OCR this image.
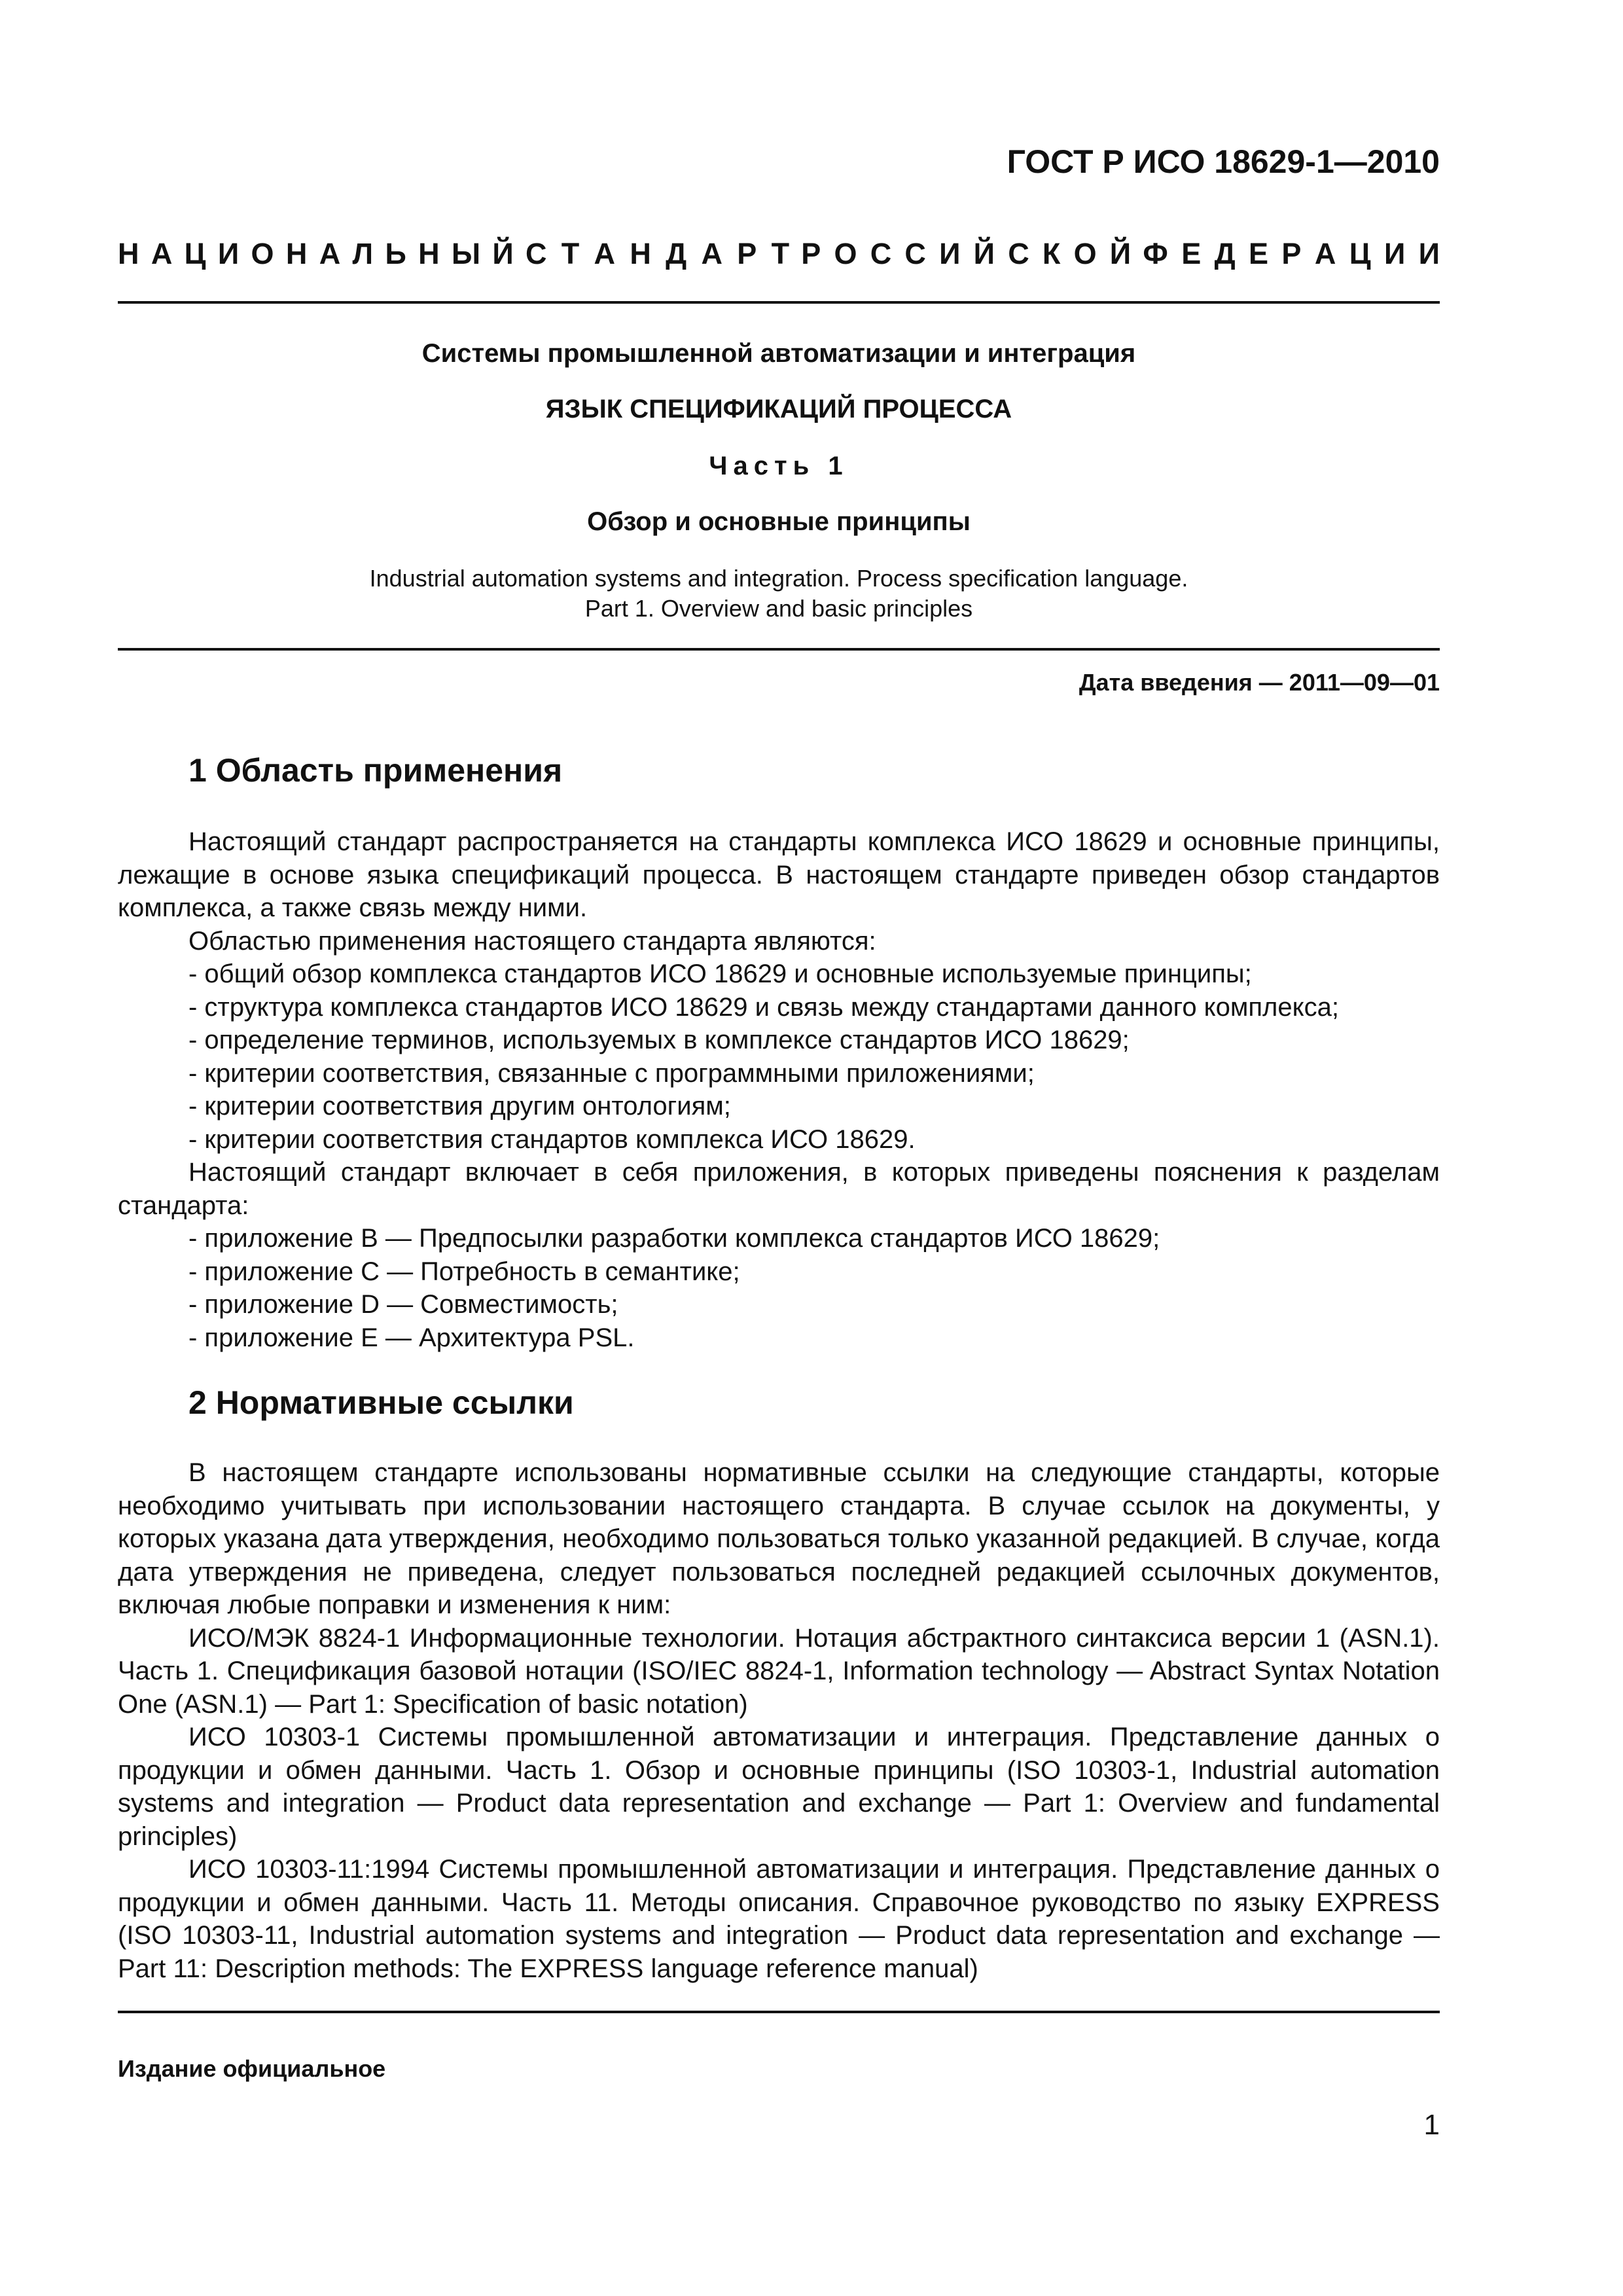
ГОСТ Р ИСО 18629-1—2010
Н А Ц И О Н А Л Ь Н Ы Й С Т А Н Д А Р Т Р О С С И Й С К О Й Ф Е Д Е Р А Ц И И
Системы промышленной автоматизации и интеграция
ЯЗЫК СПЕЦИФИКАЦИЙ ПРОЦЕССА
Часть 1
Обзор и основные принципы
Industrial automation systems and integration. Process specification language.
Part 1. Overview and basic principles
Дата введения — 2011—09—01
1 Область применения

Настоящий стандарт распространяется на стандарты комплекса ИСО 18629 и основные принципы, лежащие в основе языка спецификаций процесса. В настоящем стандарте приведен обзор стандартов комплекса, а также связь между ними.

Областью применения настоящего стандарта являются:

- общий обзор комплекса стандартов ИСО 18629 и основные используемые принципы;

- структура комплекса стандартов ИСО 18629 и связь между стандартами данного комплекса;

- определение терминов, используемых в комплексе стандартов ИСО 18629;

- критерии соответствия, связанные с программными приложениями;

- критерии соответствия другим онтологиям;

- критерии соответствия стандартов комплекса ИСО 18629.

Настоящий стандарт включает в себя приложения, в которых приведены пояснения к разделам стандарта:

- приложение В — Предпосылки разработки комплекса стандартов ИСО 18629;

- приложение С — Потребность в семантике;

- приложение D — Совместимость;

- приложение Е — Архитектура PSL.

2 Нормативные ссылки

В настоящем стандарте использованы нормативные ссылки на следующие стандарты, которые необходимо учитывать при использовании настоящего стандарта. В случае ссылок на документы, у которых указана дата утверждения, необходимо пользоваться только указанной редакцией. В случае, когда дата утверждения не приведена, следует пользоваться последней редакцией ссылочных документов, включая любые поправки и изменения к ним:

ИСО/МЭК 8824-1 Информационные технологии. Нотация абстрактного синтаксиса версии 1 (ASN.1). Часть 1. Спецификация базовой нотации (ISO/IEC 8824-1, Information technology — Abstract Syntax Notation One (ASN.1) — Part 1: Specification of basic notation)

ИСО 10303-1 Системы промышленной автоматизации и интеграция. Представление данных о продукции и обмен данными. Часть 1. Обзор и основные принципы (ISO 10303-1, Industrial automation systems and integration — Product data representation and exchange — Part 1: Overview and fundamental principles)

ИСО 10303-11:1994 Системы промышленной автоматизации и интеграция. Представление данных о продукции и обмен данными. Часть 11. Методы описания. Справочное руководство по языку EXPRESS (ISO 10303-11, Industrial automation systems and integration — Product data representation and exchange — Part 11: Description methods: The EXPRESS language reference manual)

Издание официальное
1
